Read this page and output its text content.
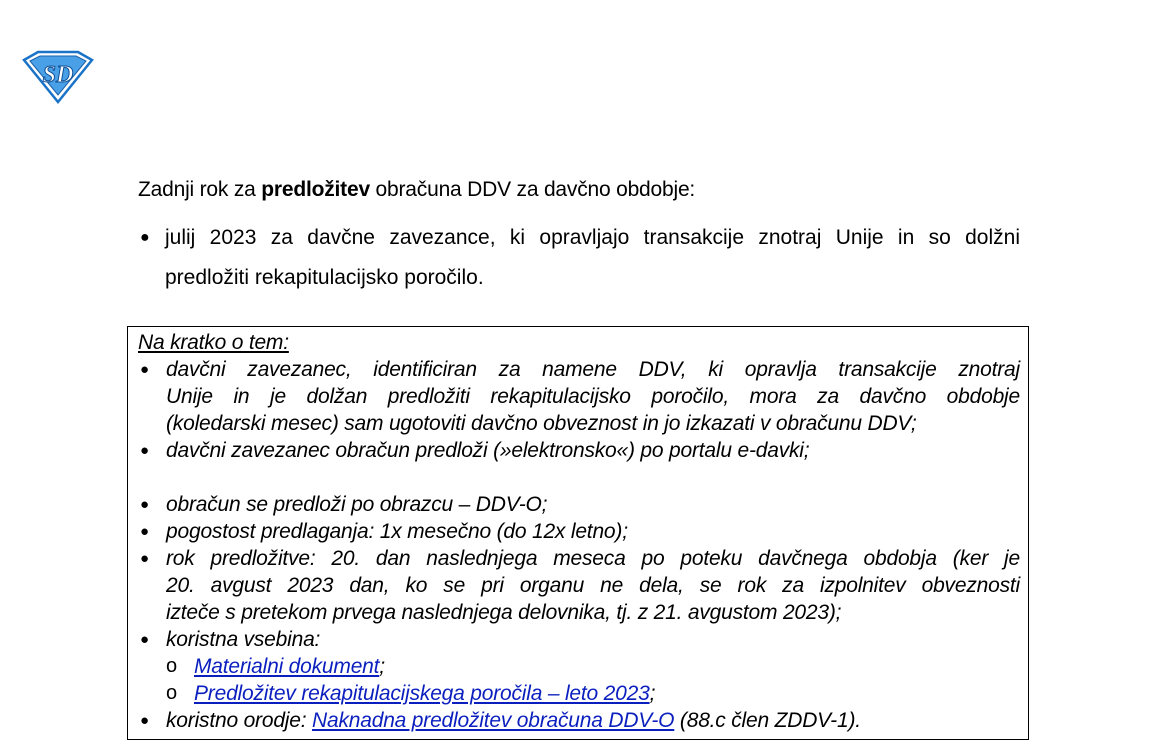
SD
Zadnji rok za predložitev obračuna DDV za davčno obdobje:
● julij 2023 za davčne zavezance, ki opravljajo transakcije znotraj Unije in so dolžni
predložiti rekapitulacijsko poročilo.
Na kratko o tem:
● davčni zavezanec, identificiran za namene DDV, ki opravlja transakcije znotraj
Unije in je dolžan predložiti rekapitulacijsko poročilo, mora za davčno obdobje
(koledarski mesec) sam ugotoviti davčno obveznost in jo izkazati v obračunu DDV;
● davčni zavezanec obračun predloži (»elektronsko«) po portalu e-davki;
● obračun se predloži po obrazcu – DDV-O;
● pogostost predlaganja: 1x mesečno (do 12x letno);
● rok predložitve: 20. dan naslednjega meseca po poteku davčnega obdobja (ker je
20. avgust 2023 dan, ko se pri organu ne dela, se rok za izpolnitev obveznosti
izteče s pretekom prvega naslednjega delovnika, tj. z 21. avgustom 2023);
● koristna vsebina:
o Materialni dokument;
o Predložitev rekapitulacijskega poročila – leto 2023;
● koristno orodje: Naknadna predložitev obračuna DDV-O (88.c člen ZDDV-1).
